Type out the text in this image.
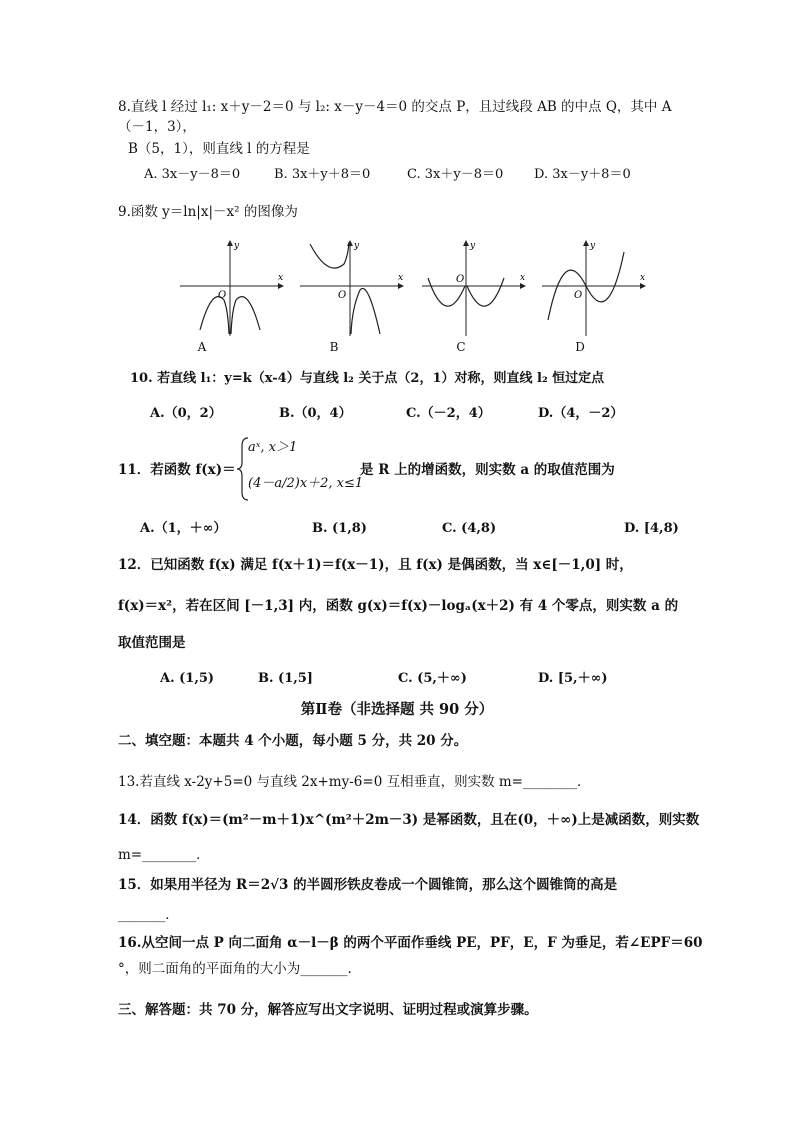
8.直线 l 经过 l₁: x＋y－2＝0 与 l₂: x－y－4＝0 的交点 P，且过线段 AB 的中点 Q，其中 A
（－1，3），
B（5，1），则直线 l 的方程是
A. 3x－y－8＝0	B. 3x＋y＋8＝0	C. 3x＋y－8＝0 D. 3x－y＋8＝0
9.函数 y＝ln|x|－x² 的图像为
x
y
O
A
x
y
O
B
x
y
O
C
x
y
O
D
10. 若直线 l₁：y=k（x-4）与直线 l₂ 关于点（2，1）对称，则直线 l₂ 恒过定点
A.（0，2）	B.（0，4）	C.（－2，4）	D.（4，－2）
11．若函数 f(x)＝
aˣ, x＞1
(4－a/2)x＋2, x≤1
是 R 上的增函数，则实数 a 的取值范围为
A.（1，＋∞）	B. (1,8)	C. (4,8)	D. [4,8)
12．已知函数 f(x) 满足 f(x＋1)＝f(x－1)，且 f(x) 是偶函数，当 x∈[－1,0] 时，
f(x)＝x²，若在区间 [－1,3] 内，函数 g(x)＝f(x)－logₐ(x＋2) 有 4 个零点，则实数 a 的
取值范围是
A. (1,5)	B. (1,5]	C. (5,＋∞)	D. [5,＋∞)
第Ⅱ卷（非选择题 共 90 分）
二、填空题：本题共 4 个小题，每小题 5 分，共 20 分。
13.若直线 x-2y+5=0 与直线 2x+my-6=0 互相垂直，则实数 m=________．
14．函数 f(x)＝(m²－m＋1)x^(m²＋2m－3) 是幂函数，且在(0，＋∞)上是减函数，则实数
m=________．
15．如果用半径为 R＝2√3 的半圆形铁皮卷成一个圆锥筒，那么这个圆锥筒的高是
_______．
16.从空间一点 P 向二面角 α－l－β 的两个平面作垂线 PE，PF，E，F 为垂足，若∠EPF＝60
°，则二面角的平面角的大小为_______.
三、解答题：共 70 分，解答应写出文字说明、证明过程或演算步骤。
